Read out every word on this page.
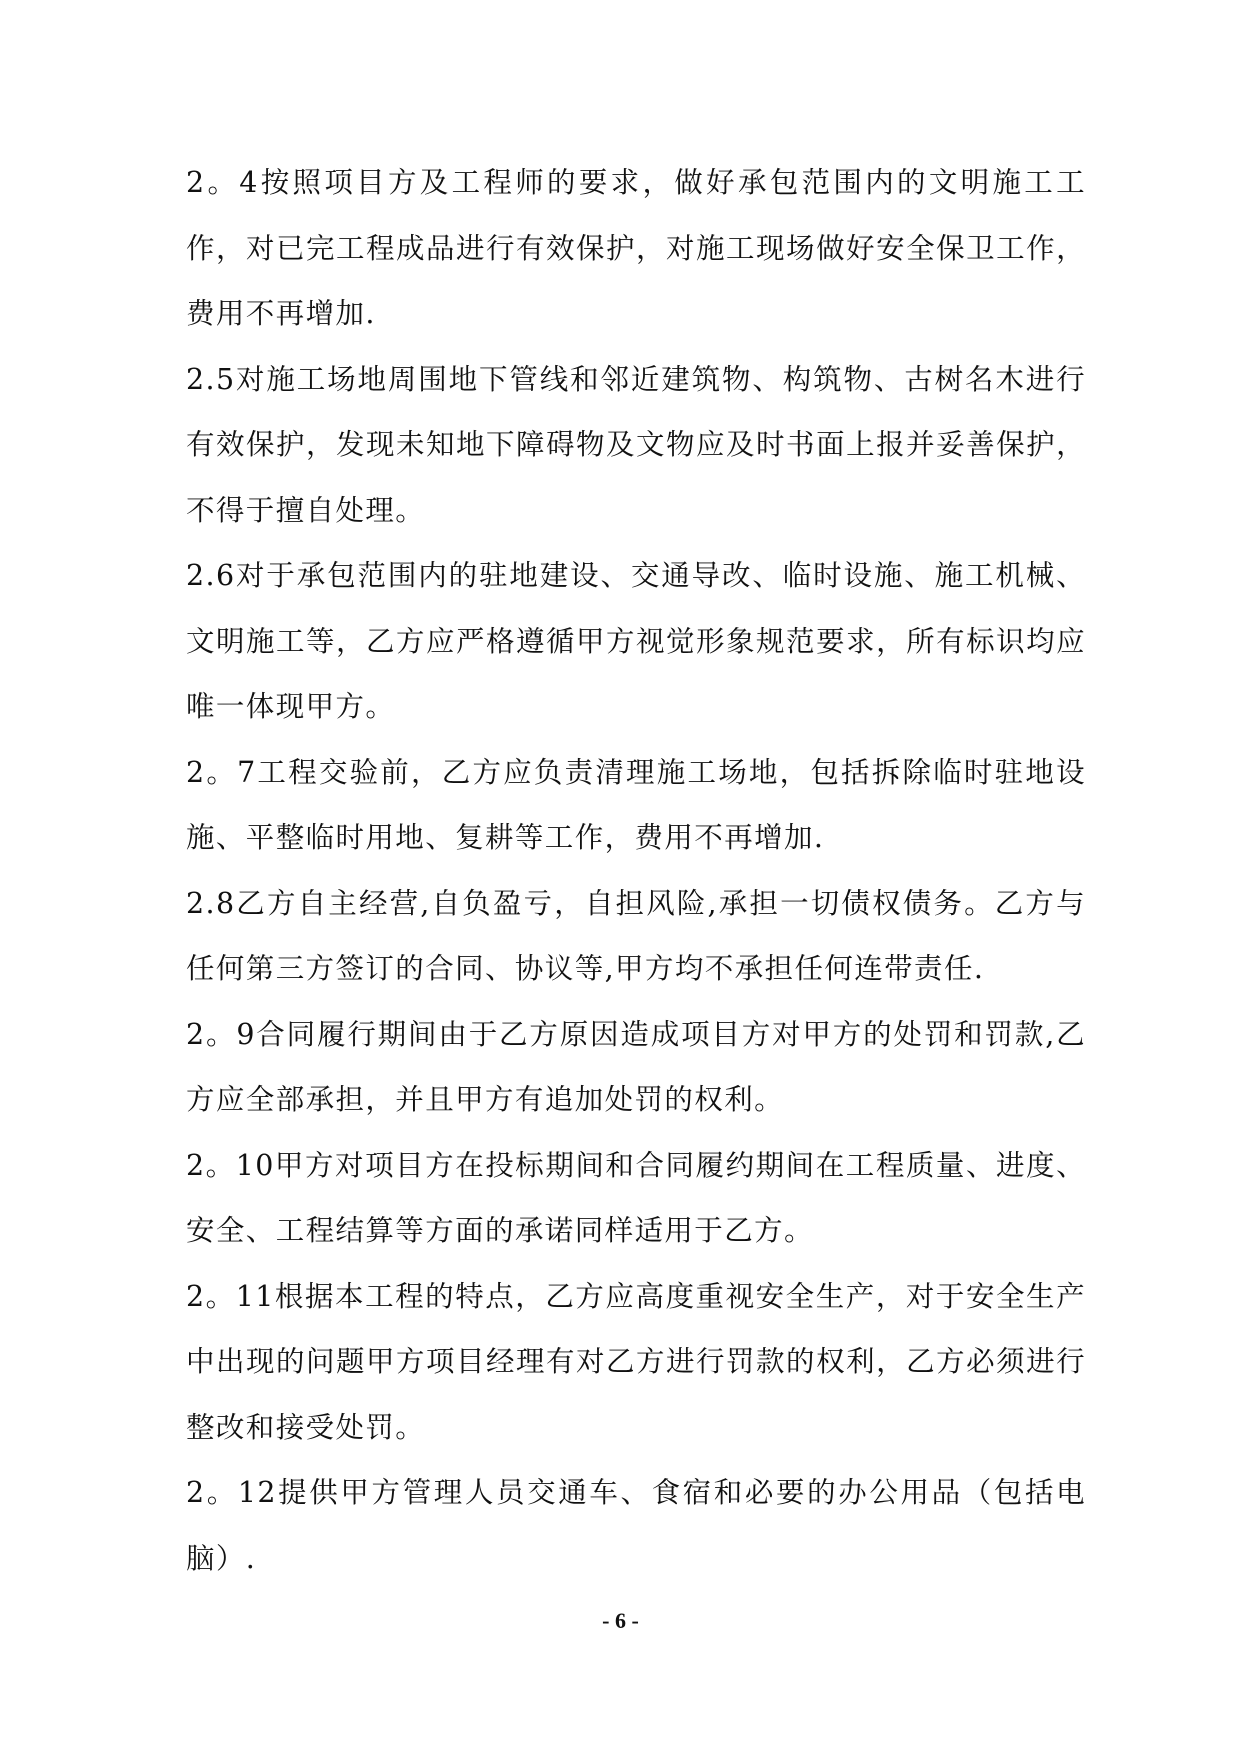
2。4按照项目方及工程师的要求，做好承包范围内的文明施工工作，对已完工程成品进行有效保护，对施工现场做好安全保卫工作，费用不再增加.

2.5对施工场地周围地下管线和邻近建筑物、构筑物、古树名木进行有效保护，发现未知地下障碍物及文物应及时书面上报并妥善保护，不得于擅自处理。

2.6对于承包范围内的驻地建设、交通导改、临时设施、施工机械、文明施工等，乙方应严格遵循甲方视觉形象规范要求，所有标识均应唯一体现甲方。

2。7工程交验前，乙方应负责清理施工场地，包括拆除临时驻地设施、平整临时用地、复耕等工作，费用不再增加.

2.8乙方自主经营,自负盈亏，自担风险,承担一切债权债务。乙方与任何第三方签订的合同、协议等,甲方均不承担任何连带责任.

2。9合同履行期间由于乙方原因造成项目方对甲方的处罚和罚款,乙方应全部承担，并且甲方有追加处罚的权利。

2。10甲方对项目方在投标期间和合同履约期间在工程质量、进度、安全、工程结算等方面的承诺同样适用于乙方。

2。11根据本工程的特点，乙方应高度重视安全生产，对于安全生产中出现的问题甲方项目经理有对乙方进行罚款的权利，乙方必须进行整改和接受处罚。

2。12提供甲方管理人员交通车、食宿和必要的办公用品（包括电脑）.

- 6 -
